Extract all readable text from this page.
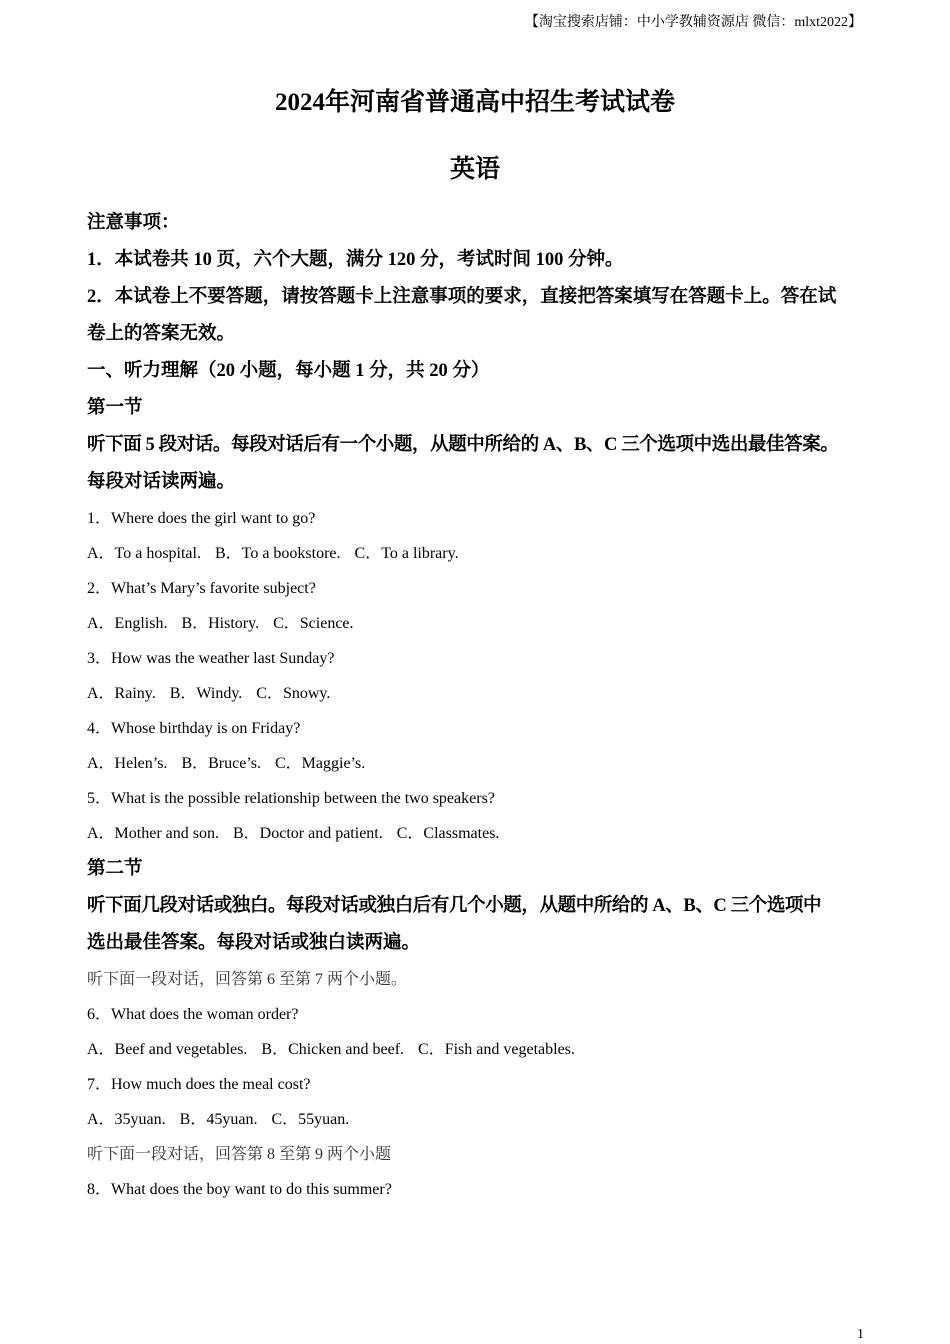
【淘宝搜索店铺：中小学教辅资源店 微信：mlxt2022】
2024年河南省普通高中招生考试试卷
英语

注意事项：

1．本试卷共 10 页，六个大题，满分 120 分，考试时间 100 分钟。

2．本试卷上不要答题，请按答题卡上注意事项的要求，直接把答案填写在答题卡上。答在试

卷上的答案无效。

一、听力理解（20 小题，每小题 1 分，共 20 分）

第一节

听下面 5 段对话。每段对话后有一个小题，从题中所给的 A、B、C 三个选项中选出最佳答案。

每段对话读两遍。

1．Where does the girl want to go?

A．To a hospital. B．To a bookstore. C．To a library.

2．What’s Mary’s favorite subject?

A．English. B．History. C．Science.

3．How was the weather last Sunday?

A．Rainy. B．Windy. C．Snowy.

4．Whose birthday is on Friday?

A．Helen’s. B．Bruce’s. C．Maggie’s.

5．What is the possible relationship between the two speakers?

A．Mother and son. B．Doctor and patient. C．Classmates.

第二节

听下面几段对话或独白。每段对话或独白后有几个小题，从题中所给的 A、B、C 三个选项中

选出最佳答案。每段对话或独白读两遍。

听下面一段对话，回答第 6 至第 7 两个小题。

6．What does the woman order?

A．Beef and vegetables. B．Chicken and beef. C．Fish and vegetables.

7．How much does the meal cost?

A．35yuan. B．45yuan. C．55yuan.

听下面一段对话，回答第 8 至第 9 两个小题

8．What does the boy want to do this summer?

1
